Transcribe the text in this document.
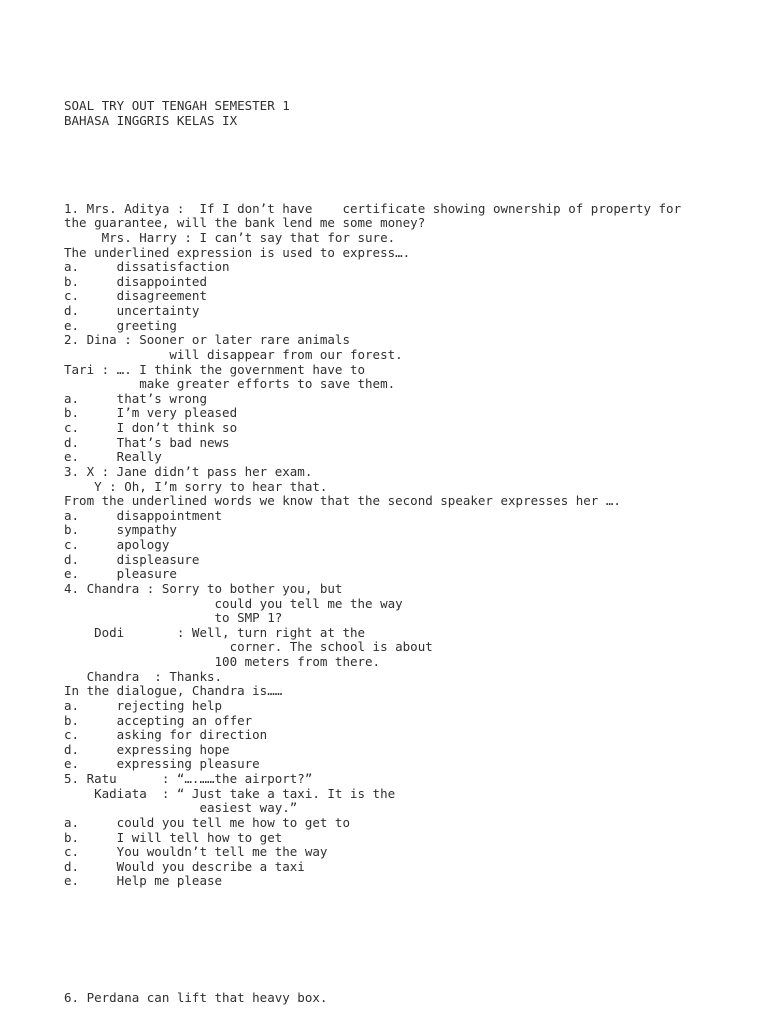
SOAL TRY OUT TENGAH SEMESTER 1
BAHASA INGGRIS KELAS IX

1. Mrs. Aditya :  If I don’t have    certificate showing ownership of property for
the guarantee, will the bank lend me some money?
Mrs. Harry : I can’t say that for sure.
The underlined expression is used to express….
a.     dissatisfaction
b.     disappointed
c.     disagreement
d.     uncertainty
e.     greeting
2. Dina : Sooner or later rare animals
will disappear from our forest.
Tari : …. I think the government have to
make greater efforts to save them.
a.     that’s wrong
b.     I’m very pleased
c.     I don’t think so
d.     That’s bad news
e.     Really
3. X : Jane didn’t pass her exam.
Y : Oh, I’m sorry to hear that.
From the underlined words we know that the second speaker expresses her ….
a.     disappointment
b.     sympathy
c.     apology
d.     displeasure
e.     pleasure
4. Chandra : Sorry to bother you, but
could you tell me the way
to SMP 1?
Dodi       : Well, turn right at the
corner. The school is about
100 meters from there.
Chandra  : Thanks.
In the dialogue, Chandra is……
a.     rejecting help
b.     accepting an offer
c.     asking for direction
d.     expressing hope
e.     expressing pleasure
5. Ratu      : “….……the airport?”
Kadiata  : “ Just take a taxi. It is the
easiest way.”
a.     could you tell me how to get to
b.     I will tell how to get
c.     You wouldn’t tell me the way
d.     Would you describe a taxi
e.     Help me please

6. Perdana can lift that heavy box.
